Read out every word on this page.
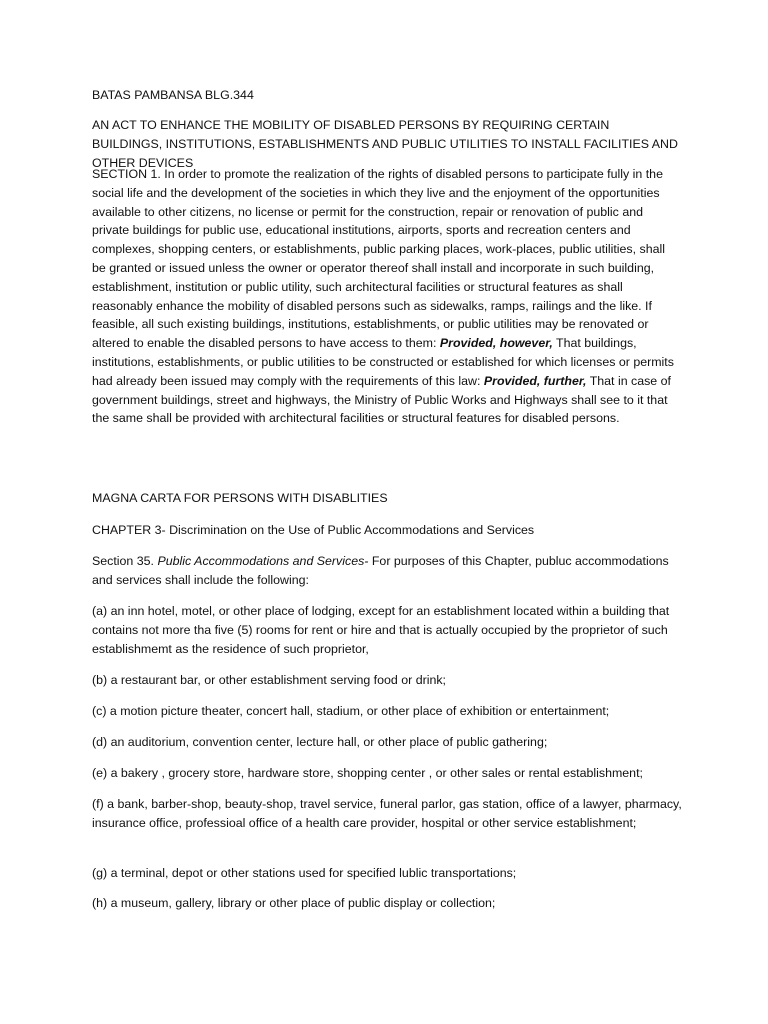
BATAS PAMBANSA BLG.344

AN ACT TO ENHANCE THE MOBILITY OF DISABLED PERSONS BY REQUIRING CERTAIN BUILDINGS, INSTITUTIONS, ESTABLISHMENTS AND PUBLIC UTILITIES TO INSTALL FACILITIES AND OTHER DEVICES

SECTION 1. In order to promote the realization of the rights of disabled persons to participate fully in the social life and the development of the societies in which they live and the enjoyment of the opportunities available to other citizens, no license or permit for the construction, repair or renovation of public and private buildings for public use, educational institutions, airports, sports and recreation centers and complexes, shopping centers, or establishments, public parking places, work-places, public utilities, shall be granted or issued unless the owner or operator thereof shall install and incorporate in such building, establishment, institution or public utility, such architectural facilities or structural features as shall reasonably enhance the mobility of disabled persons such as sidewalks, ramps, railings and the like. If feasible, all such existing buildings, institutions, establishments, or public utilities may be renovated or altered to enable the disabled persons to have access to them: Provided, however, That buildings, institutions, establishments, or public utilities to be constructed or established for which licenses or permits had already been issued may comply with the requirements of this law: Provided, further, That in case of government buildings, street and highways, the Ministry of Public Works and Highways shall see to it that the same shall be provided with architectural facilities or structural features for disabled persons.

MAGNA CARTA FOR PERSONS WITH DISABLITIES

CHAPTER 3- Discrimination on the Use of Public Accommodations and Services

Section 35. Public Accommodations and Services- For purposes of this Chapter, publuc accommodations and services shall include the following:

(a) an inn hotel, motel, or other place of lodging, except for an establishment located within a building that contains not more tha five (5) rooms for rent or hire and that is actually occupied by the proprietor of such establishmemt as the residence of such proprietor,

(b) a restaurant bar, or other establishment serving food or drink;

(c) a motion picture theater, concert hall, stadium, or other place of exhibition or entertainment;

(d) an auditorium, convention center, lecture hall, or other place of public gathering;

(e) a bakery , grocery store, hardware store, shopping center , or other sales or rental establishment;

(f) a bank, barber-shop, beauty-shop, travel service, funeral parlor, gas station, office of a lawyer, pharmacy, insurance office, professioal office of a health care provider, hospital or other service establishment;

(g) a terminal, depot or other stations used for specified lublic transportations;

(h) a museum, gallery, library or other place of public display or collection;
